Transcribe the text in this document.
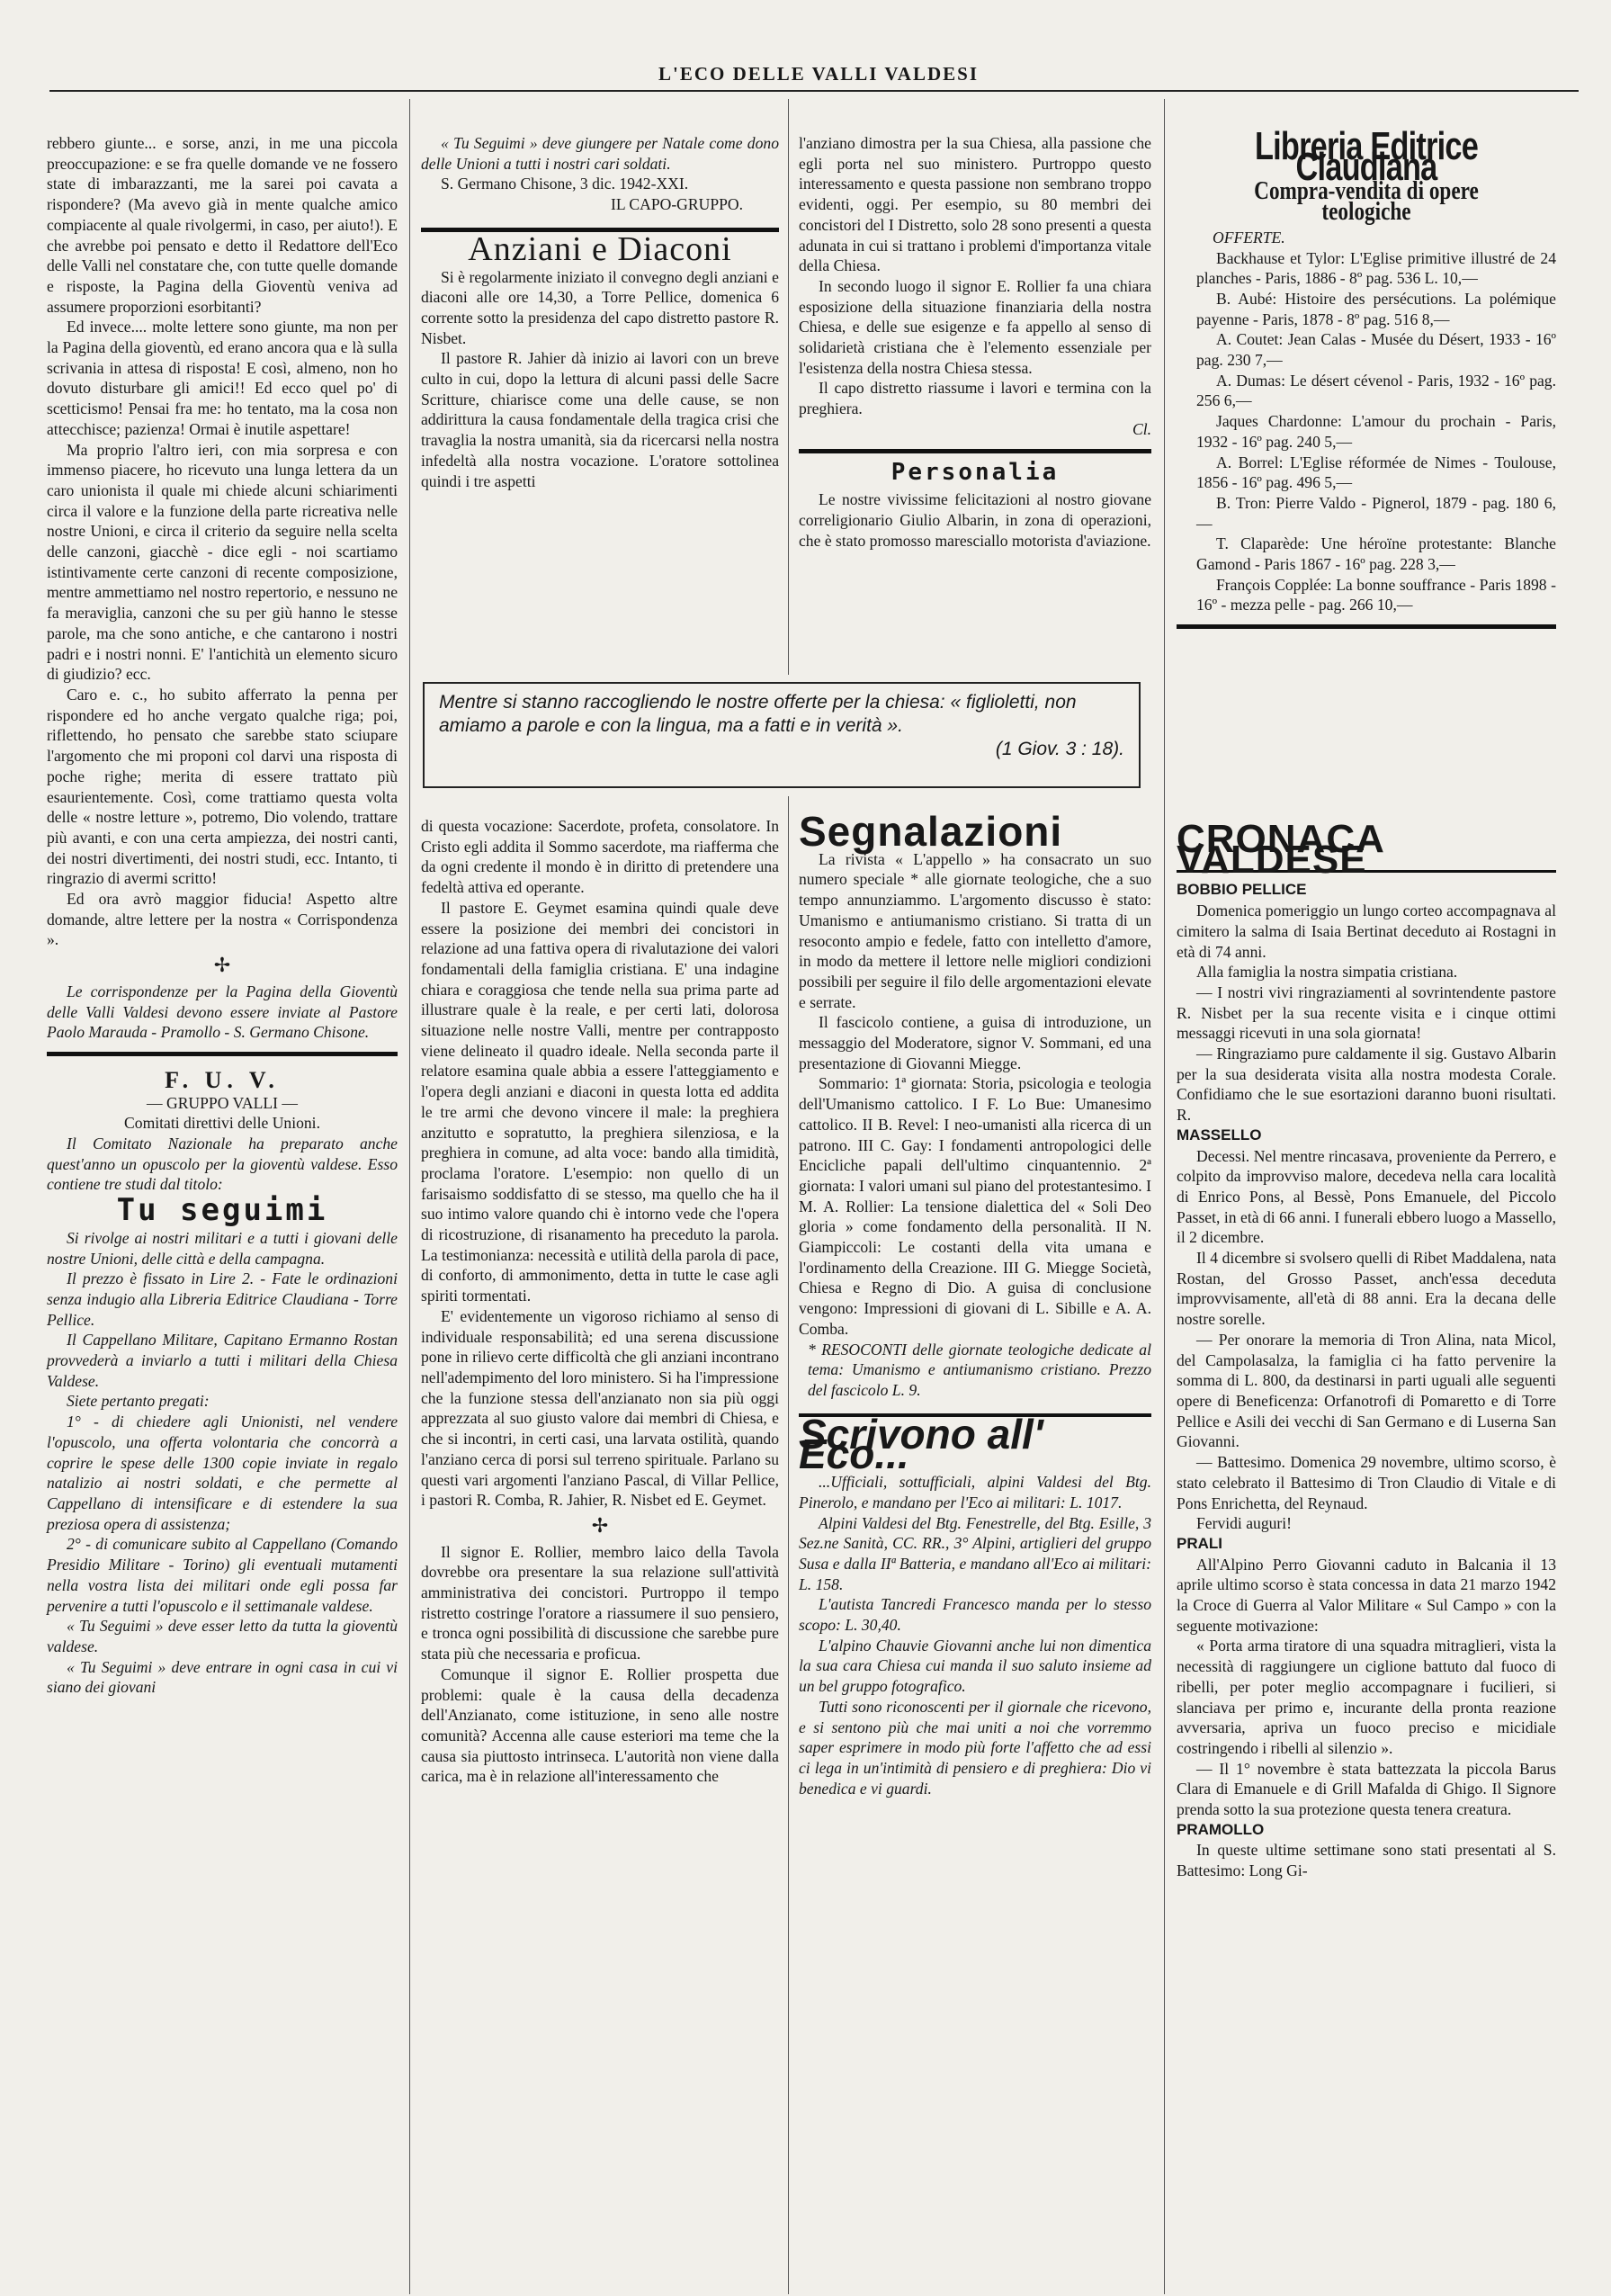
L'ECO DELLE VALLI VALDESI

rebbero giunte... e sorse, anzi, in me una piccola preoccupazione: e se fra quelle domande ve ne fossero state di imbarazzanti, me la sarei poi cavata a rispondere? (Ma avevo già in mente qualche amico compiacente al quale rivolgermi, in caso, per aiuto!). E che avrebbe poi pensato e detto il Redattore dell'Eco delle Valli nel constatare che, con tutte quelle domande e risposte, la Pagina della Gioventù veniva ad assumere proporzioni esorbitanti?

Ed invece.... molte lettere sono giunte, ma non per la Pagina della gioventù, ed erano ancora qua e là sulla scrivania in attesa di risposta! E così, almeno, non ho dovuto disturbare gli amici!! Ed ecco quel po' di scetticismo! Pensai fra me: ho tentato, ma la cosa non attecchisce; pazienza! Ormai è inutile aspettare!

Ma proprio l'altro ieri, con mia sorpresa e con immenso piacere, ho ricevuto una lunga lettera da un caro unionista il quale mi chiede alcuni schiarimenti circa il valore e la funzione della parte ricreativa nelle nostre Unioni, e circa il criterio da seguire nella scelta delle canzoni, giacchè - dice egli - noi scartiamo istintivamente certe canzoni di recente composizione, mentre ammettiamo nel nostro repertorio, e nessuno ne fa meraviglia, canzoni che su per giù hanno le stesse parole, ma che sono antiche, e che cantarono i nostri padri e i nostri nonni. E' l'antichità un elemento sicuro di giudizio? ecc.

Caro e. c., ho subito afferrato la penna per rispondere ed ho anche vergato qualche riga; poi, riflettendo, ho pensato che sarebbe stato sciupare l'argomento che mi proponi col darvi una risposta di poche righe; merita di essere trattato più esaurientemente. Così, come trattiamo questa volta delle « nostre letture », potremo, Dio volendo, trattare più avanti, e con una certa ampiezza, dei nostri canti, dei nostri divertimenti, dei nostri studi, ecc. Intanto, ti ringrazio di avermi scritto!

Ed ora avrò maggior fiducia! Aspetto altre domande, altre lettere per la nostra « Corrispondenza ».

✢

Le corrispondenze per la Pagina della Gioventù delle Valli Valdesi devono essere inviate al Pastore Paolo Marauda - Pramollo - S. Germano Chisone.

F. U. V.

— GRUPPO VALLI —

Comitati direttivi delle Unioni.

Il Comitato Nazionale ha preparato anche quest'anno un opuscolo per la gioventù valdese. Esso contiene tre studi dal titolo:

Tu seguimi

Si rivolge ai nostri militari e a tutti i giovani delle nostre Unioni, delle città e della campagna.

Il prezzo è fissato in Lire 2. - Fate le ordinazioni senza indugio alla Libreria Editrice Claudiana - Torre Pellice.

Il Cappellano Militare, Capitano Ermanno Rostan provvederà a inviarlo a tutti i militari della Chiesa Valdese.

Siete pertanto pregati:

1° - di chiedere agli Unionisti, nel vendere l'opuscolo, una offerta volontaria che concorrà a coprire le spese delle 1300 copie inviate in regalo natalizio ai nostri soldati, e che permette al Cappellano di intensificare e di estendere la sua preziosa opera di assistenza;

2° - di comunicare subito al Cappellano (Comando Presidio Militare - Torino) gli eventuali mutamenti nella vostra lista dei militari onde egli possa far pervenire a tutti l'opuscolo e il settimanale valdese.

« Tu Seguimi » deve esser letto da tutta la gioventù valdese.

« Tu Seguimi » deve entrare in ogni casa in cui vi siano dei giovani

« Tu Seguimi » deve giungere per Natale come dono delle Unioni a tutti i nostri cari soldati.

S. Germano Chisone, 3 dic. 1942-XXI.

IL CAPO-GRUPPO.

Anziani e Diaconi

Si è regolarmente iniziato il convegno degli anziani e diaconi alle ore 14,30, a Torre Pellice, domenica 6 corrente sotto la presidenza del capo distretto pastore R. Nisbet.

Il pastore R. Jahier dà inizio ai lavori con un breve culto in cui, dopo la lettura di alcuni passi delle Sacre Scritture, chiarisce come una delle cause, se non addirittura la causa fondamentale della tragica crisi che travaglia la nostra umanità, sia da ricercarsi nella nostra infedeltà alla nostra vocazione. L'oratore sottolinea quindi i tre aspetti

l'anziano dimostra per la sua Chiesa, alla passione che egli porta nel suo ministero. Purtroppo questo interessamento e questa passione non sembrano troppo evidenti, oggi. Per esempio, su 80 membri dei concistori del I Distretto, solo 28 sono presenti a questa adunata in cui si trattano i problemi d'importanza vitale della Chiesa.

In secondo luogo il signor E. Rollier fa una chiara esposizione della situazione finanziaria della nostra Chiesa, e delle sue esigenze e fa appello al senso di solidarietà cristiana che è l'elemento essenziale per l'esistenza della nostra Chiesa stessa.

Il capo distretto riassume i lavori e termina con la preghiera.

Cl.

Personalia

Le nostre vivissime felicitazioni al nostro giovane correligionario Giulio Albarin, in zona di operazioni, che è stato promosso maresciallo motorista d'aviazione.

Mentre si stanno raccogliendo le nostre offerte per la chiesa: « figlioletti, non amiamo a parole e con la lingua, ma a fatti e in verità ».
(1 Giov. 3 : 18).

di questa vocazione: Sacerdote, profeta, consolatore. In Cristo egli addita il Sommo sacerdote, ma riafferma che da ogni credente il mondo è in diritto di pretendere una fedeltà attiva ed operante.

Il pastore E. Geymet esamina quindi quale deve essere la posizione dei membri dei concistori in relazione ad una fattiva opera di rivalutazione dei valori fondamentali della famiglia cristiana. E' una indagine chiara e coraggiosa che tende nella sua prima parte ad illustrare quale è la reale, e per certi lati, dolorosa situazione nelle nostre Valli, mentre per contrapposto viene delineato il quadro ideale. Nella seconda parte il relatore esamina quale abbia a essere l'atteggiamento e l'opera degli anziani e diaconi in questa lotta ed addita le tre armi che devono vincere il male: la preghiera anzitutto e sopratutto, la preghiera silenziosa, e la preghiera in comune, ad alta voce: bando alla timidità, proclama l'oratore. L'esempio: non quello di un farisaismo soddisfatto di se stesso, ma quello che ha il suo intimo valore quando chi è intorno vede che l'opera di ricostruzione, di risanamento ha preceduto la parola. La testimonianza: necessità e utilità della parola di pace, di conforto, di ammonimento, detta in tutte le case agli spiriti tormentati.

E' evidentemente un vigoroso richiamo al senso di individuale responsabilità; ed una serena discussione pone in rilievo certe difficoltà che gli anziani incontrano nell'adempimento del loro ministero. Si ha l'impressione che la funzione stessa dell'anzianato non sia più oggi apprezzata al suo giusto valore dai membri di Chiesa, e che si incontri, in certi casi, una larvata ostilità, quando l'anziano cerca di porsi sul terreno spirituale. Parlano su questi vari argomenti l'anziano Pascal, di Villar Pellice, i pastori R. Comba, R. Jahier, R. Nisbet ed E. Geymet.

✢

Il signor E. Rollier, membro laico della Tavola dovrebbe ora presentare la sua relazione sull'attività amministrativa dei concistori. Purtroppo il tempo ristretto costringe l'oratore a riassumere il suo pensiero, e tronca ogni possibilità di discussione che sarebbe pure stata più che necessaria e proficua.

Comunque il signor E. Rollier prospetta due problemi: quale è la causa della decadenza dell'Anzianato, come istituzione, in seno alle nostre comunità? Accenna alle cause esteriori ma teme che la causa sia piuttosto intrinseca. L'autorità non viene dalla carica, ma è in relazione all'interessamento che

Segnalazioni

La rivista « L'appello » ha consacrato un suo numero speciale * alle giornate teologiche, che a suo tempo annunziammo. L'argomento discusso è stato: Umanismo e antiumanismo cristiano. Si tratta di un resoconto ampio e fedele, fatto con intelletto d'amore, in modo da mettere il lettore nelle migliori condizioni possibili per seguire il filo delle argomentazioni elevate e serrate.

Il fascicolo contiene, a guisa di introduzione, un messaggio del Moderatore, signor V. Sommani, ed una presentazione di Giovanni Miegge.

Sommario: 1ª giornata: Storia, psicologia e teologia dell'Umanismo cattolico. I F. Lo Bue: Umanesimo cattolico. II B. Revel: I neo-umanisti alla ricerca di un patrono. III C. Gay: I fondamenti antropologici delle Encicliche papali dell'ultimo cinquantennio. 2ª giornata: I valori umani sul piano del protestantesimo. I M. A. Rollier: La tensione dialettica del « Soli Deo gloria » come fondamento della personalità. II N. Giampiccoli: Le costanti della vita umana e l'ordinamento della Creazione. III G. Miegge Società, Chiesa e Regno di Dio. A guisa di conclusione vengono: Impressioni di giovani di L. Sibille e A. A. Comba.

* RESOCONTI delle giornate teologiche dedicate al tema: Umanismo e antiumanismo cristiano. Prezzo del fascicolo L. 9.

Scrivono all' Eco...

...Ufficiali, sottufficiali, alpini Valdesi del Btg. Pinerolo, e mandano per l'Eco ai militari: L. 1017.

Alpini Valdesi del Btg. Fenestrelle, del Btg. Esille, 3 Sez.ne Sanità, CC. RR., 3° Alpini, artiglieri del gruppo Susa e dalla IIª Batteria, e mandano all'Eco ai militari: L. 158.

L'autista Tancredi Francesco manda per lo stesso scopo: L. 30,40.

L'alpino Chauvie Giovanni anche lui non dimentica la sua cara Chiesa cui manda il suo saluto insieme ad un bel gruppo fotografico.

Tutti sono riconoscenti per il giornale che ricevono, e si sentono più che mai uniti a noi che vorremmo saper esprimere in modo più forte l'affetto che ad essi ci lega in un'intimità di pensiero e di preghiera: Dio vi benedica e vi guardi.

Libreria Editrice Claudiana
Compra-vendita di opere teologiche

OFFERTE.

Backhause et Tylor: L'Eglise primitive illustré de 24 planches - Paris, 1886 - 8º pag. 536 L. 10,—

B. Aubé: Histoire des persécutions. La polémique payenne - Paris, 1878 - 8º pag. 516 8,—

A. Coutet: Jean Calas - Musée du Désert, 1933 - 16º pag. 230 7,—

A. Dumas: Le désert cévenol - Paris, 1932 - 16º pag. 256 6,—

Jaques Chardonne: L'amour du prochain - Paris, 1932 - 16º pag. 240 5,—

A. Borrel: L'Eglise réformée de Nimes - Toulouse, 1856 - 16º pag. 496 5,—

B. Tron: Pierre Valdo - Pignerol, 1879 - pag. 180 6,—

T. Claparède: Une héroïne protestante: Blanche Gamond - Paris 1867 - 16º pag. 228 3,—

François Copplée: La bonne souffrance - Paris 1898 - 16º - mezza pelle - pag. 266 10,—

CRONACA VALDESE

BOBBIO PELLICE

Domenica pomeriggio un lungo corteo accompagnava al cimitero la salma di Isaia Bertinat deceduto ai Rostagni in età di 74 anni.

Alla famiglia la nostra simpatia cristiana.

— I nostri vivi ringraziamenti al sovrintendente pastore R. Nisbet per la sua recente visita e i cinque ottimi messaggi ricevuti in una sola giornata!

— Ringraziamo pure caldamente il sig. Gustavo Albarin per la sua desiderata visita alla nostra modesta Corale. Confidiamo che le sue esortazioni daranno buoni risultati. R.

MASSELLO

Decessi. Nel mentre rincasava, proveniente da Perrero, e colpito da improvviso malore, decedeva nella cara località di Enrico Pons, al Bessè, Pons Emanuele, del Piccolo Passet, in età di 66 anni. I funerali ebbero luogo a Massello, il 2 dicembre.

Il 4 dicembre si svolsero quelli di Ribet Maddalena, nata Rostan, del Grosso Passet, anch'essa deceduta improvvisamente, all'età di 88 anni. Era la decana delle nostre sorelle.

— Per onorare la memoria di Tron Alina, nata Micol, del Campolasalza, la famiglia ci ha fatto pervenire la somma di L. 800, da destinarsi in parti uguali alle seguenti opere di Beneficenza: Orfanotrofi di Pomaretto e di Torre Pellice e Asili dei vecchi di San Germano e di Luserna San Giovanni.

— Battesimo. Domenica 29 novembre, ultimo scorso, è stato celebrato il Battesimo di Tron Claudio di Vitale e di Pons Enrichetta, del Reynaud.

Fervidi auguri!

PRALI

All'Alpino Perro Giovanni caduto in Balcania il 13 aprile ultimo scorso è stata concessa in data 21 marzo 1942 la Croce di Guerra al Valor Militare « Sul Campo » con la seguente motivazione:

« Porta arma tiratore di una squadra mitraglieri, vista la necessità di raggiungere un ciglione battuto dal fuoco di ribelli, per poter meglio accompagnare i fucilieri, si slanciava per primo e, incurante della pronta reazione avversaria, apriva un fuoco preciso e micidiale costringendo i ribelli al silenzio ».

— Il 1° novembre è stata battezzata la piccola Barus Clara di Emanuele e di Grill Mafalda di Ghigo. Il Signore prenda sotto la sua protezione questa tenera creatura.

PRAMOLLO

In queste ultime settimane sono stati presentati al S. Battesimo: Long Gi-
